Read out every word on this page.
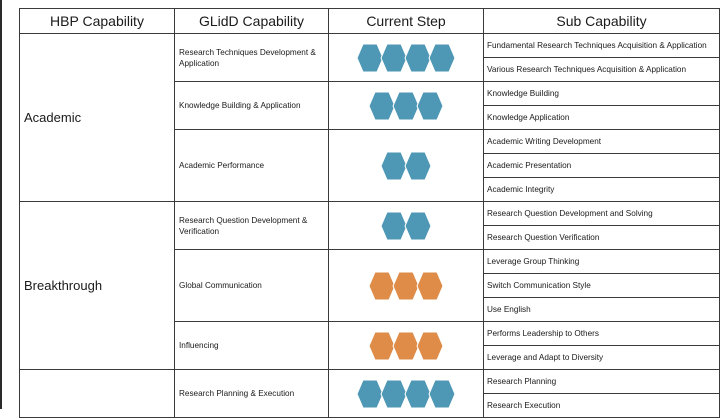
HBP Capability	GLidD Capability	Current Step	Sub Capability
Academic	Research Techniques Development & Application		Fundamental Research Techniques Acquisition & Application
			Various Research Techniques Acquisition & Application
	Knowledge Building & Application		Knowledge Building
			Knowledge Application
	Academic Performance		Academic Writing Development
			Academic Presentation
			Academic Integrity
Breakthrough	Research Question Development & Verification		Research Question Development and Solving
			Research Question Verification
	Global Communication		Leverage Group Thinking
			Switch Communication Style
			Use English
	Influencing		Performs Leadership to Others
			Leverage and Adapt to Diversity
	Research Planning & Execution		Research Planning
			Research Execution
